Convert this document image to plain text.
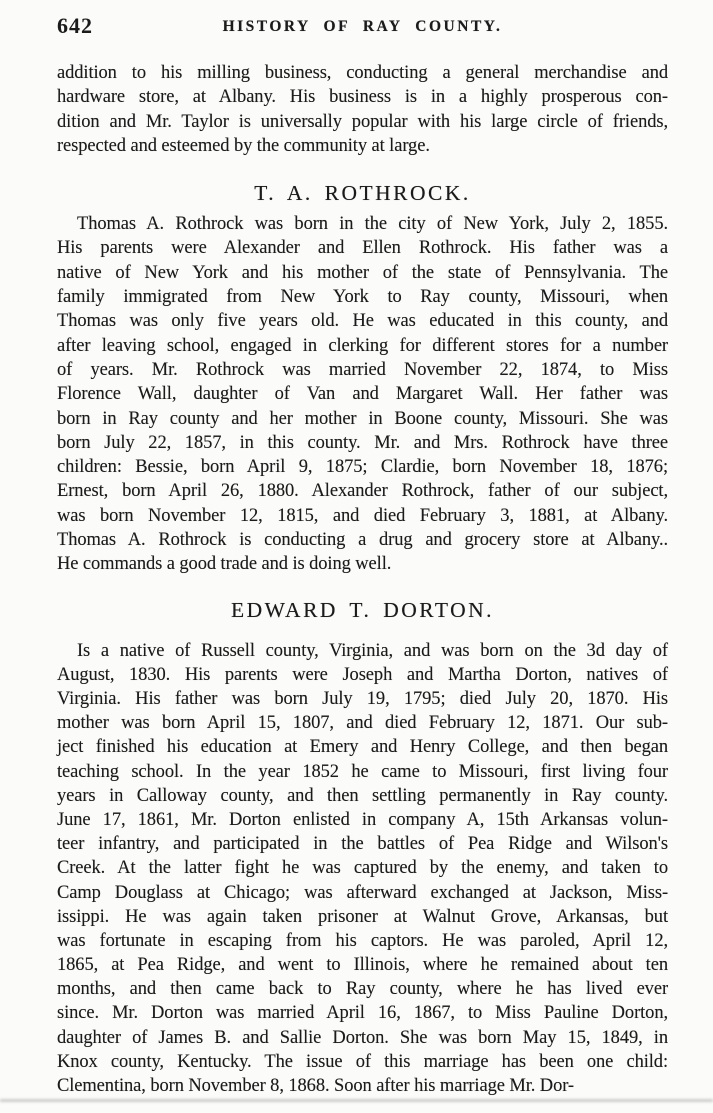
642	HISTORY OF RAY COUNTY.
addition to his milling business, conducting a general merchandise and
hardware store, at Albany. His business is in a highly prosperous con-
dition and Mr. Taylor is universally popular with his large circle of friends,
respected and esteemed by the community at large.
T. A. ROTHROCK.
Thomas A. Rothrock was born in the city of New York, July 2, 1855.
His parents were Alexander and Ellen Rothrock. His father was a
native of New York and his mother of the state of Pennsylvania. The
family immigrated from New York to Ray county, Missouri, when
Thomas was only five years old. He was educated in this county, and
after leaving school, engaged in clerking for different stores for a number
of years. Mr. Rothrock was married November 22, 1874, to Miss
Florence Wall, daughter of Van and Margaret Wall. Her father was
born in Ray county and her mother in Boone county, Missouri. She was
born July 22, 1857, in this county. Mr. and Mrs. Rothrock have three
children: Bessie, born April 9, 1875; Clardie, born November 18, 1876;
Ernest, born April 26, 1880. Alexander Rothrock, father of our subject,
was born November 12, 1815, and died February 3, 1881, at Albany.
Thomas A. Rothrock is conducting a drug and grocery store at Albany..
He commands a good trade and is doing well.
EDWARD T. DORTON.
Is a native of Russell county, Virginia, and was born on the 3d day of
August, 1830. His parents were Joseph and Martha Dorton, natives of
Virginia. His father was born July 19, 1795; died July 20, 1870. His
mother was born April 15, 1807, and died February 12, 1871. Our sub-
ject finished his education at Emery and Henry College, and then began
teaching school. In the year 1852 he came to Missouri, first living four
years in Calloway county, and then settling permanently in Ray county.
June 17, 1861, Mr. Dorton enlisted in company A, 15th Arkansas volun-
teer infantry, and participated in the battles of Pea Ridge and Wilson's
Creek. At the latter fight he was captured by the enemy, and taken to
Camp Douglass at Chicago; was afterward exchanged at Jackson, Miss-
issippi. He was again taken prisoner at Walnut Grove, Arkansas, but
was fortunate in escaping from his captors. He was paroled, April 12,
1865, at Pea Ridge, and went to Illinois, where he remained about ten
months, and then came back to Ray county, where he has lived ever
since. Mr. Dorton was married April 16, 1867, to Miss Pauline Dorton,
daughter of James B. and Sallie Dorton. She was born May 15, 1849, in
Knox county, Kentucky. The issue of this marriage has been one child:
Clementina, born November 8, 1868. Soon after his marriage Mr. Dor-
